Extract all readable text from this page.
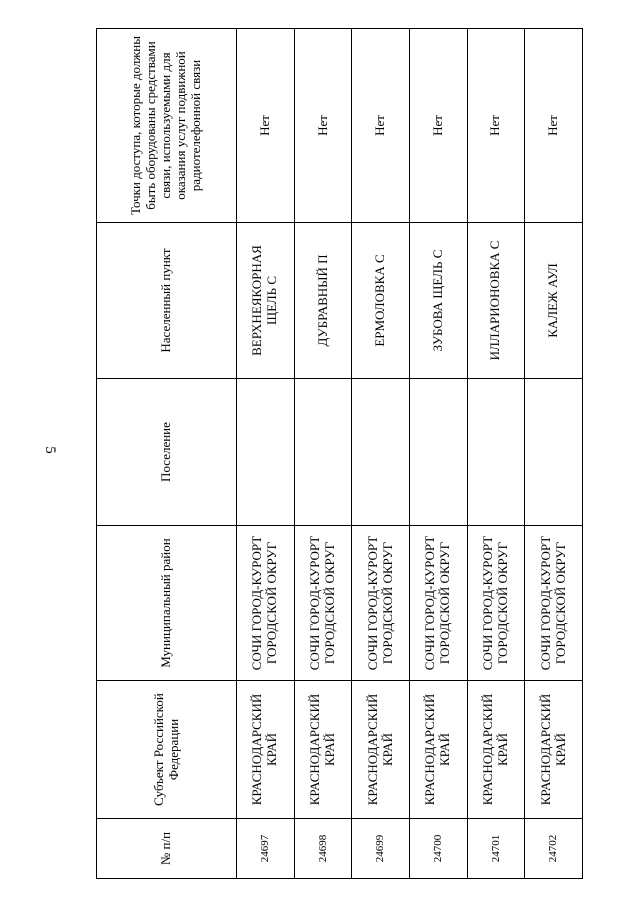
5
№ п/п	Субъект Российской Федерации	Муниципальный район	Поселение	Населенный пункт	Точки доступа, которые должны быть оборудованы средствами связи, используемыми для оказания услуг подвижной радиотелефонной связи
24697	КРАСНОДАРСКИЙ КРАЙ	СОЧИ ГОРОД-КУРОРТ ГОРОДСКОЙ ОКРУГ		ВЕРХНЕЯКОРНАЯ ЩЕЛЬ С	Нет
24698	КРАСНОДАРСКИЙ КРАЙ	СОЧИ ГОРОД-КУРОРТ ГОРОДСКОЙ ОКРУГ		ДУБРАВНЫЙ П	Нет
24699	КРАСНОДАРСКИЙ КРАЙ	СОЧИ ГОРОД-КУРОРТ ГОРОДСКОЙ ОКРУГ		ЕРМОЛОВКА С	Нет
24700	КРАСНОДАРСКИЙ КРАЙ	СОЧИ ГОРОД-КУРОРТ ГОРОДСКОЙ ОКРУГ		ЗУБОВА ЩЕЛЬ С	Нет
24701	КРАСНОДАРСКИЙ КРАЙ	СОЧИ ГОРОД-КУРОРТ ГОРОДСКОЙ ОКРУГ		ИЛЛАРИОНОВКА С	Нет
24702	КРАСНОДАРСКИЙ КРАЙ	СОЧИ ГОРОД-КУРОРТ ГОРОДСКОЙ ОКРУГ		КАЛЕЖ АУЛ	Нет
